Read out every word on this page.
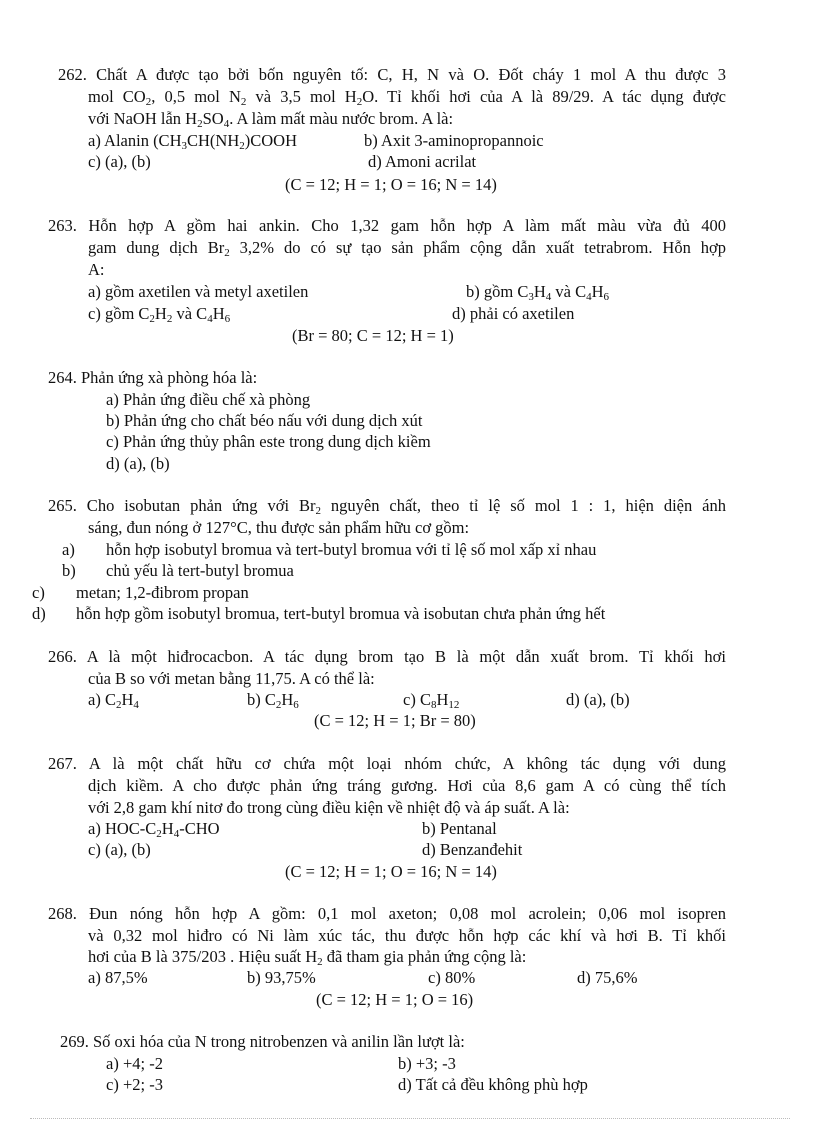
262. Chất A được tạo bởi bốn nguyên tố: C, H, N và O. Đốt cháy 1 mol A thu được 3
mol $CO_2$, 0,5 mol $N_2$ và 3,5 mol $H_2O$. Tỉ khối hơi của A là 89/29. A tác dụng được
với NaOH lẫn $H_2SO_4$. A làm mất màu nước brom. A là:
a) Alanin ($CH_3CH(NH_2)COOH$	b) Axit 3-aminopropannoic
c) (a), (b)	d) Amoni acrilat
(C = 12; H = 1; O = 16; N = 14)
263. Hỗn hợp A gồm hai ankin. Cho 1,32 gam hỗn hợp A làm mất màu vừa đủ 400
gam dung dịch $Br_2$ 3,2% do có sự tạo sản phẩm cộng dẫn xuất tetrabrom. Hỗn hợp
A:
a) gồm axetilen và metyl axetilen	b) gồm $C_3H_4$ và $C_4H_6$
c) gồm $C_2H_2$ và $C_4H_6$	d) phải có axetilen
(Br = 80; C = 12; H = 1)
264. Phản ứng xà phòng hóa là:
a) Phản ứng điều chế xà phòng
b) Phản ứng cho chất béo nấu với dung dịch xút
c) Phản ứng thủy phân este trong dung dịch kiềm
d) (a), (b)
265. Cho isobutan phản ứng với $Br_2$ nguyên chất, theo tỉ lệ số mol 1 : 1, hiện diện ánh
sáng, đun nóng ở 127°C, thu được sản phẩm hữu cơ gồm:
a) hỗn hợp isobutyl bromua và tert-butyl bromua với tỉ lệ số mol xấp xỉ nhau
b) chủ yếu là tert-butyl bromua
c) metan; 1,2-đibrom propan
d) hỗn hợp gồm isobutyl bromua, tert-butyl bromua và isobutan chưa phản ứng hết
266. A là một hiđrocacbon. A tác dụng brom tạo B là một dẫn xuất brom. Tỉ khối hơi
của B so với metan bằng 11,75. A có thể là:
a) $C_2H_4$	b) $C_2H_6$	c) $C_8H_{12}$	d) (a), (b)
(C = 12; H = 1; Br = 80)
267. A là một chất hữu cơ chứa một loại nhóm chức, A không tác dụng với dung
dịch kiềm. A cho được phản ứng tráng gương. Hơi của 8,6 gam A có cùng thể tích
với 2,8 gam khí nitơ đo trong cùng điều kiện về nhiệt độ và áp suất. A là:
a) HOC-$C_2H_4$-CHO	b) Pentanal
c) (a), (b)	d) Benzanđehit
(C = 12; H = 1; O = 16; N = 14)
268. Đun nóng hỗn hợp A gồm: 0,1 mol axeton; 0,08 mol acrolein; 0,06 mol isopren
và 0,32 mol hiđro có Ni làm xúc tác, thu được hỗn hợp các khí và hơi B. Tỉ khối
hơi của B là 375/203 . Hiệu suất $H_2$ đã tham gia phản ứng cộng là:
a) 87,5%	b) 93,75%	c) 80%	d) 75,6%
(C = 12; H = 1; O = 16)
269. Số oxi hóa của N trong nitrobenzen và anilin lần lượt là:
a) +4; -2	b) +3; -3
c) +2; -3	d) Tất cả đều không phù hợp
